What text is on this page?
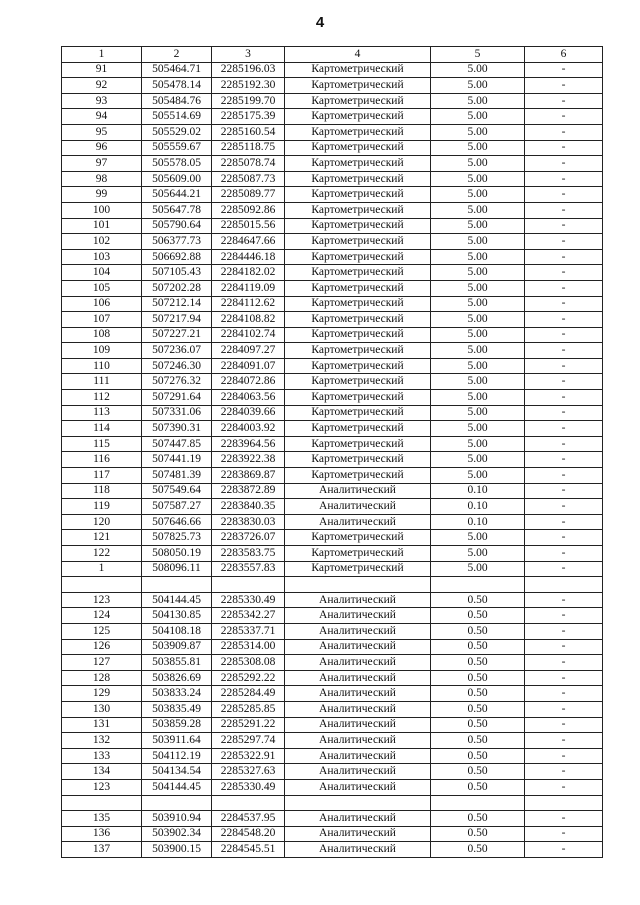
4
1	2	3	4	5	6
91	505464.71	2285196.03	Картометрический	5.00	-
92	505478.14	2285192.30	Картометрический	5.00	-
93	505484.76	2285199.70	Картометрический	5.00	-
94	505514.69	2285175.39	Картометрический	5.00	-
95	505529.02	2285160.54	Картометрический	5.00	-
96	505559.67	2285118.75	Картометрический	5.00	-
97	505578.05	2285078.74	Картометрический	5.00	-
98	505609.00	2285087.73	Картометрический	5.00	-
99	505644.21	2285089.77	Картометрический	5.00	-
100	505647.78	2285092.86	Картометрический	5.00	-
101	505790.64	2285015.56	Картометрический	5.00	-
102	506377.73	2284647.66	Картометрический	5.00	-
103	506692.88	2284446.18	Картометрический	5.00	-
104	507105.43	2284182.02	Картометрический	5.00	-
105	507202.28	2284119.09	Картометрический	5.00	-
106	507212.14	2284112.62	Картометрический	5.00	-
107	507217.94	2284108.82	Картометрический	5.00	-
108	507227.21	2284102.74	Картометрический	5.00	-
109	507236.07	2284097.27	Картометрический	5.00	-
110	507246.30	2284091.07	Картометрический	5.00	-
111	507276.32	2284072.86	Картометрический	5.00	-
112	507291.64	2284063.56	Картометрический	5.00	-
113	507331.06	2284039.66	Картометрический	5.00	-
114	507390.31	2284003.92	Картометрический	5.00	-
115	507447.85	2283964.56	Картометрический	5.00	-
116	507441.19	2283922.38	Картометрический	5.00	-
117	507481.39	2283869.87	Картометрический	5.00	-
118	507549.64	2283872.89	Аналитический	0.10	-
119	507587.27	2283840.35	Аналитический	0.10	-
120	507646.66	2283830.03	Аналитический	0.10	-
121	507825.73	2283726.07	Картометрический	5.00	-
122	508050.19	2283583.75	Картометрический	5.00	-
1	508096.11	2283557.83	Картометрический	5.00	-

123	504144.45	2285330.49	Аналитический	0.50	-
124	504130.85	2285342.27	Аналитический	0.50	-
125	504108.18	2285337.71	Аналитический	0.50	-
126	503909.87	2285314.00	Аналитический	0.50	-
127	503855.81	2285308.08	Аналитический	0.50	-
128	503826.69	2285292.22	Аналитический	0.50	-
129	503833.24	2285284.49	Аналитический	0.50	-
130	503835.49	2285285.85	Аналитический	0.50	-
131	503859.28	2285291.22	Аналитический	0.50	-
132	503911.64	2285297.74	Аналитический	0.50	-
133	504112.19	2285322.91	Аналитический	0.50	-
134	504134.54	2285327.63	Аналитический	0.50	-
123	504144.45	2285330.49	Аналитический	0.50	-

135	503910.94	2284537.95	Аналитический	0.50	-
136	503902.34	2284548.20	Аналитический	0.50	-
137	503900.15	2284545.51	Аналитический	0.50	-
